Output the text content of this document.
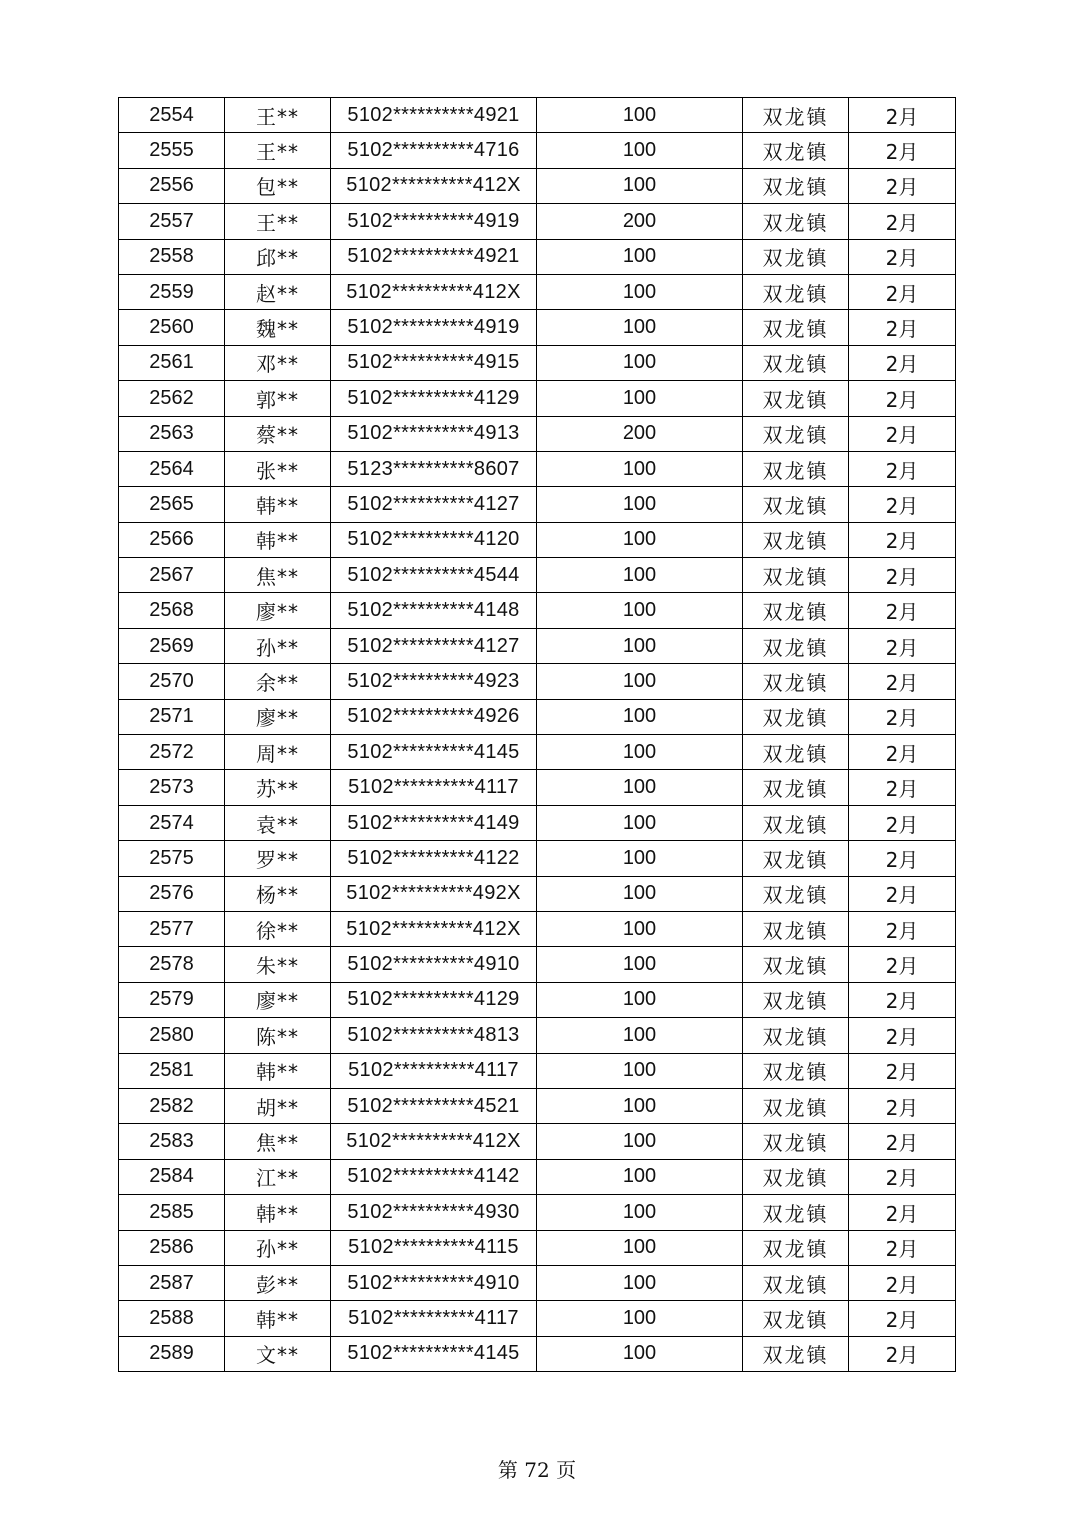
2554	王**	5102**********4921	100	双龙镇	2月
2555	王**	5102**********4716	100	双龙镇	2月
2556	包**	5102**********412X	100	双龙镇	2月
2557	王**	5102**********4919	200	双龙镇	2月
2558	邱**	5102**********4921	100	双龙镇	2月
2559	赵**	5102**********412X	100	双龙镇	2月
2560	魏**	5102**********4919	100	双龙镇	2月
2561	邓**	5102**********4915	100	双龙镇	2月
2562	郭**	5102**********4129	100	双龙镇	2月
2563	蔡**	5102**********4913	200	双龙镇	2月
2564	张**	5123**********8607	100	双龙镇	2月
2565	韩**	5102**********4127	100	双龙镇	2月
2566	韩**	5102**********4120	100	双龙镇	2月
2567	焦**	5102**********4544	100	双龙镇	2月
2568	廖**	5102**********4148	100	双龙镇	2月
2569	孙**	5102**********4127	100	双龙镇	2月
2570	余**	5102**********4923	100	双龙镇	2月
2571	廖**	5102**********4926	100	双龙镇	2月
2572	周**	5102**********4145	100	双龙镇	2月
2573	苏**	5102**********4117	100	双龙镇	2月
2574	袁**	5102**********4149	100	双龙镇	2月
2575	罗**	5102**********4122	100	双龙镇	2月
2576	杨**	5102**********492X	100	双龙镇	2月
2577	徐**	5102**********412X	100	双龙镇	2月
2578	朱**	5102**********4910	100	双龙镇	2月
2579	廖**	5102**********4129	100	双龙镇	2月
2580	陈**	5102**********4813	100	双龙镇	2月
2581	韩**	5102**********4117	100	双龙镇	2月
2582	胡**	5102**********4521	100	双龙镇	2月
2583	焦**	5102**********412X	100	双龙镇	2月
2584	江**	5102**********4142	100	双龙镇	2月
2585	韩**	5102**********4930	100	双龙镇	2月
2586	孙**	5102**********4115	100	双龙镇	2月
2587	彭**	5102**********4910	100	双龙镇	2月
2588	韩**	5102**********4117	100	双龙镇	2月
2589	文**	5102**********4145	100	双龙镇	2月
第 72 页
